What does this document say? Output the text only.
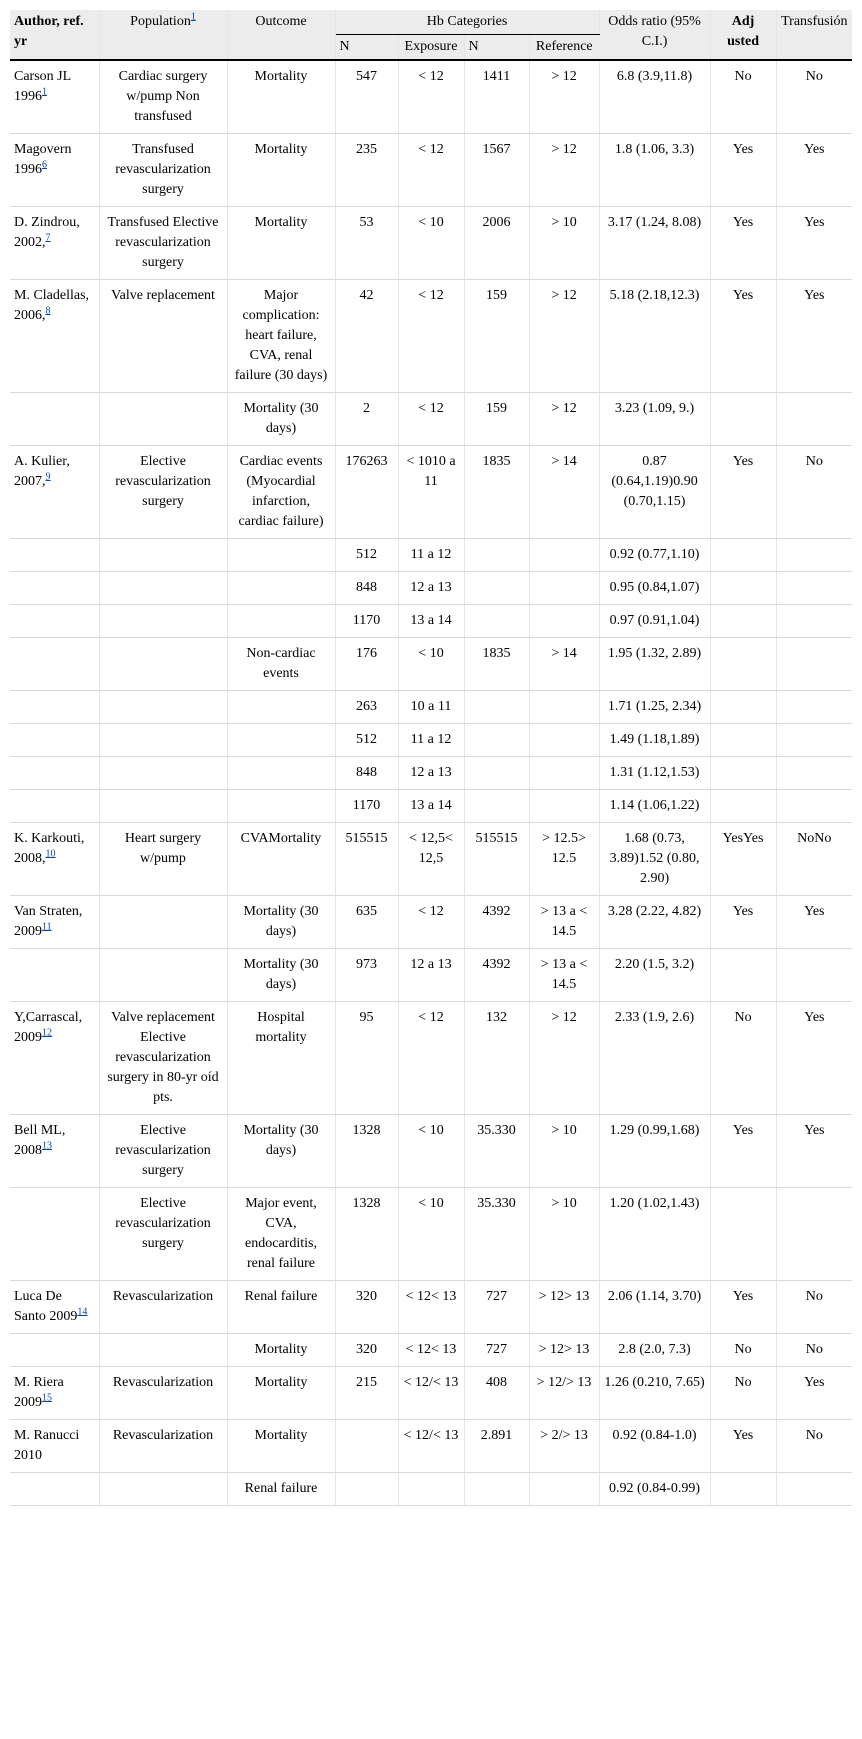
Author, ref. yr	Population$^1$	Outcome	Hb Categories				Odds ratio (95% C.I.)	Adj usted	Transfusión
			N	Exposure	N	Reference			
Carson JL 1996$^1$	Cardiac surgery w/pump Non transfused	Mortality	547	< 12	1411	> 12	6.8 (3.9,11.8)	No	No
Magovern 1996$^6$	Transfused revascularization surgery	Mortality	235	< 12	1567	> 12	1.8 (1.06, 3.3)	Yes	Yes
D. Zindrou, 2002,$^7$	Transfused Elective revascularization surgery	Mortality	53	< 10	2006	> 10	3.17 (1.24, 8.08)	Yes	Yes
M. Cladellas, 2006,$^8$	Valve replacement	Major complication: heart failure, CVA, renal failure (30 days)	42	< 12	159	> 12	5.18 (2.18,12.3)	Yes	Yes
		Mortality (30 days)	2	< 12	159	> 12	3.23 (1.09, 9.)		
A. Kulier, 2007,$^9$	Elective revascularization surgery	Cardiac events (Myocardial infarction, cardiac failure)	176263	< 1010 a 11	1835	> 14	0.87 (0.64,1.19)0.90 (0.70,1.15)	Yes	No
			512	11 a 12			0.92 (0.77,1.10)		
			848	12 a 13			0.95 (0.84,1.07)		
			1170	13 a 14			0.97 (0.91,1.04)		
		Non-cardiac events	176	< 10	1835	> 14	1.95 (1.32, 2.89)		
			263	10 a 11			1.71 (1.25, 2.34)		
			512	11 a 12			1.49 (1.18,1.89)		
			848	12 a 13			1.31 (1.12,1.53)		
			1170	13 a 14			1.14 (1.06,1.22)		
K. Karkouti, 2008,10	Heart surgery w/pump	CVAMortality	515515	< 12,5< 12,5	515515	> 12.5> 12.5	1.68 (0.73, 3.89)1.52 (0.80, 2.90)	YesYes	NoNo
Van Straten, 2009$^{11}$		Mortality (30 days)	635	< 12	4392	> 13 a < 14.5	3.28 (2.22, 4.82)	Yes	Yes
		Mortality (30 days)	973	12 a 13	4392	> 13 a < 14.5	2.20 (1.5, 3.2)		
Y,Carrascal, 2009$^{12}$	Valve replacement Elective revascularization surgery in 80-yr oíd pts.	Hospital mortality	95	< 12	132	> 12	2.33 (1.9, 2.6)	No	Yes
Bell ML, 2008$^{13}$	Elective revascularization surgery	Mortality (30 days)	1328	< 10	35.330	> 10	1.29 (0.99,1.68)	Yes	Yes
	Elective revascularization surgery	Major event, CVA, endocarditis, renal failure	1328	< 10	35.330	> 10	1.20 (1.02,1.43)		
Luca De Santo 2009$^{14}$	Revascularization	Renal failure	320	< 12< 13	727	> 12> 13	2.06 (1.14, 3.70)	Yes	No
		Mortality	320	< 12< 13	727	> 12> 13	2.8 (2.0, 7.3)	No	No
M. Riera 2009$^{15}$	Revascularization	Mortality	215	< 12/< 13	408	> 12/> 13	1.26 (0.210, 7.65)	No	Yes
M. Ranucci 2010	Revascularization	Mortality		< 12/< 13	2.891	> 2/> 13	0.92 (0.84-1.0)	Yes	No
		Renal failure					0.92 (0.84-0.99)		
